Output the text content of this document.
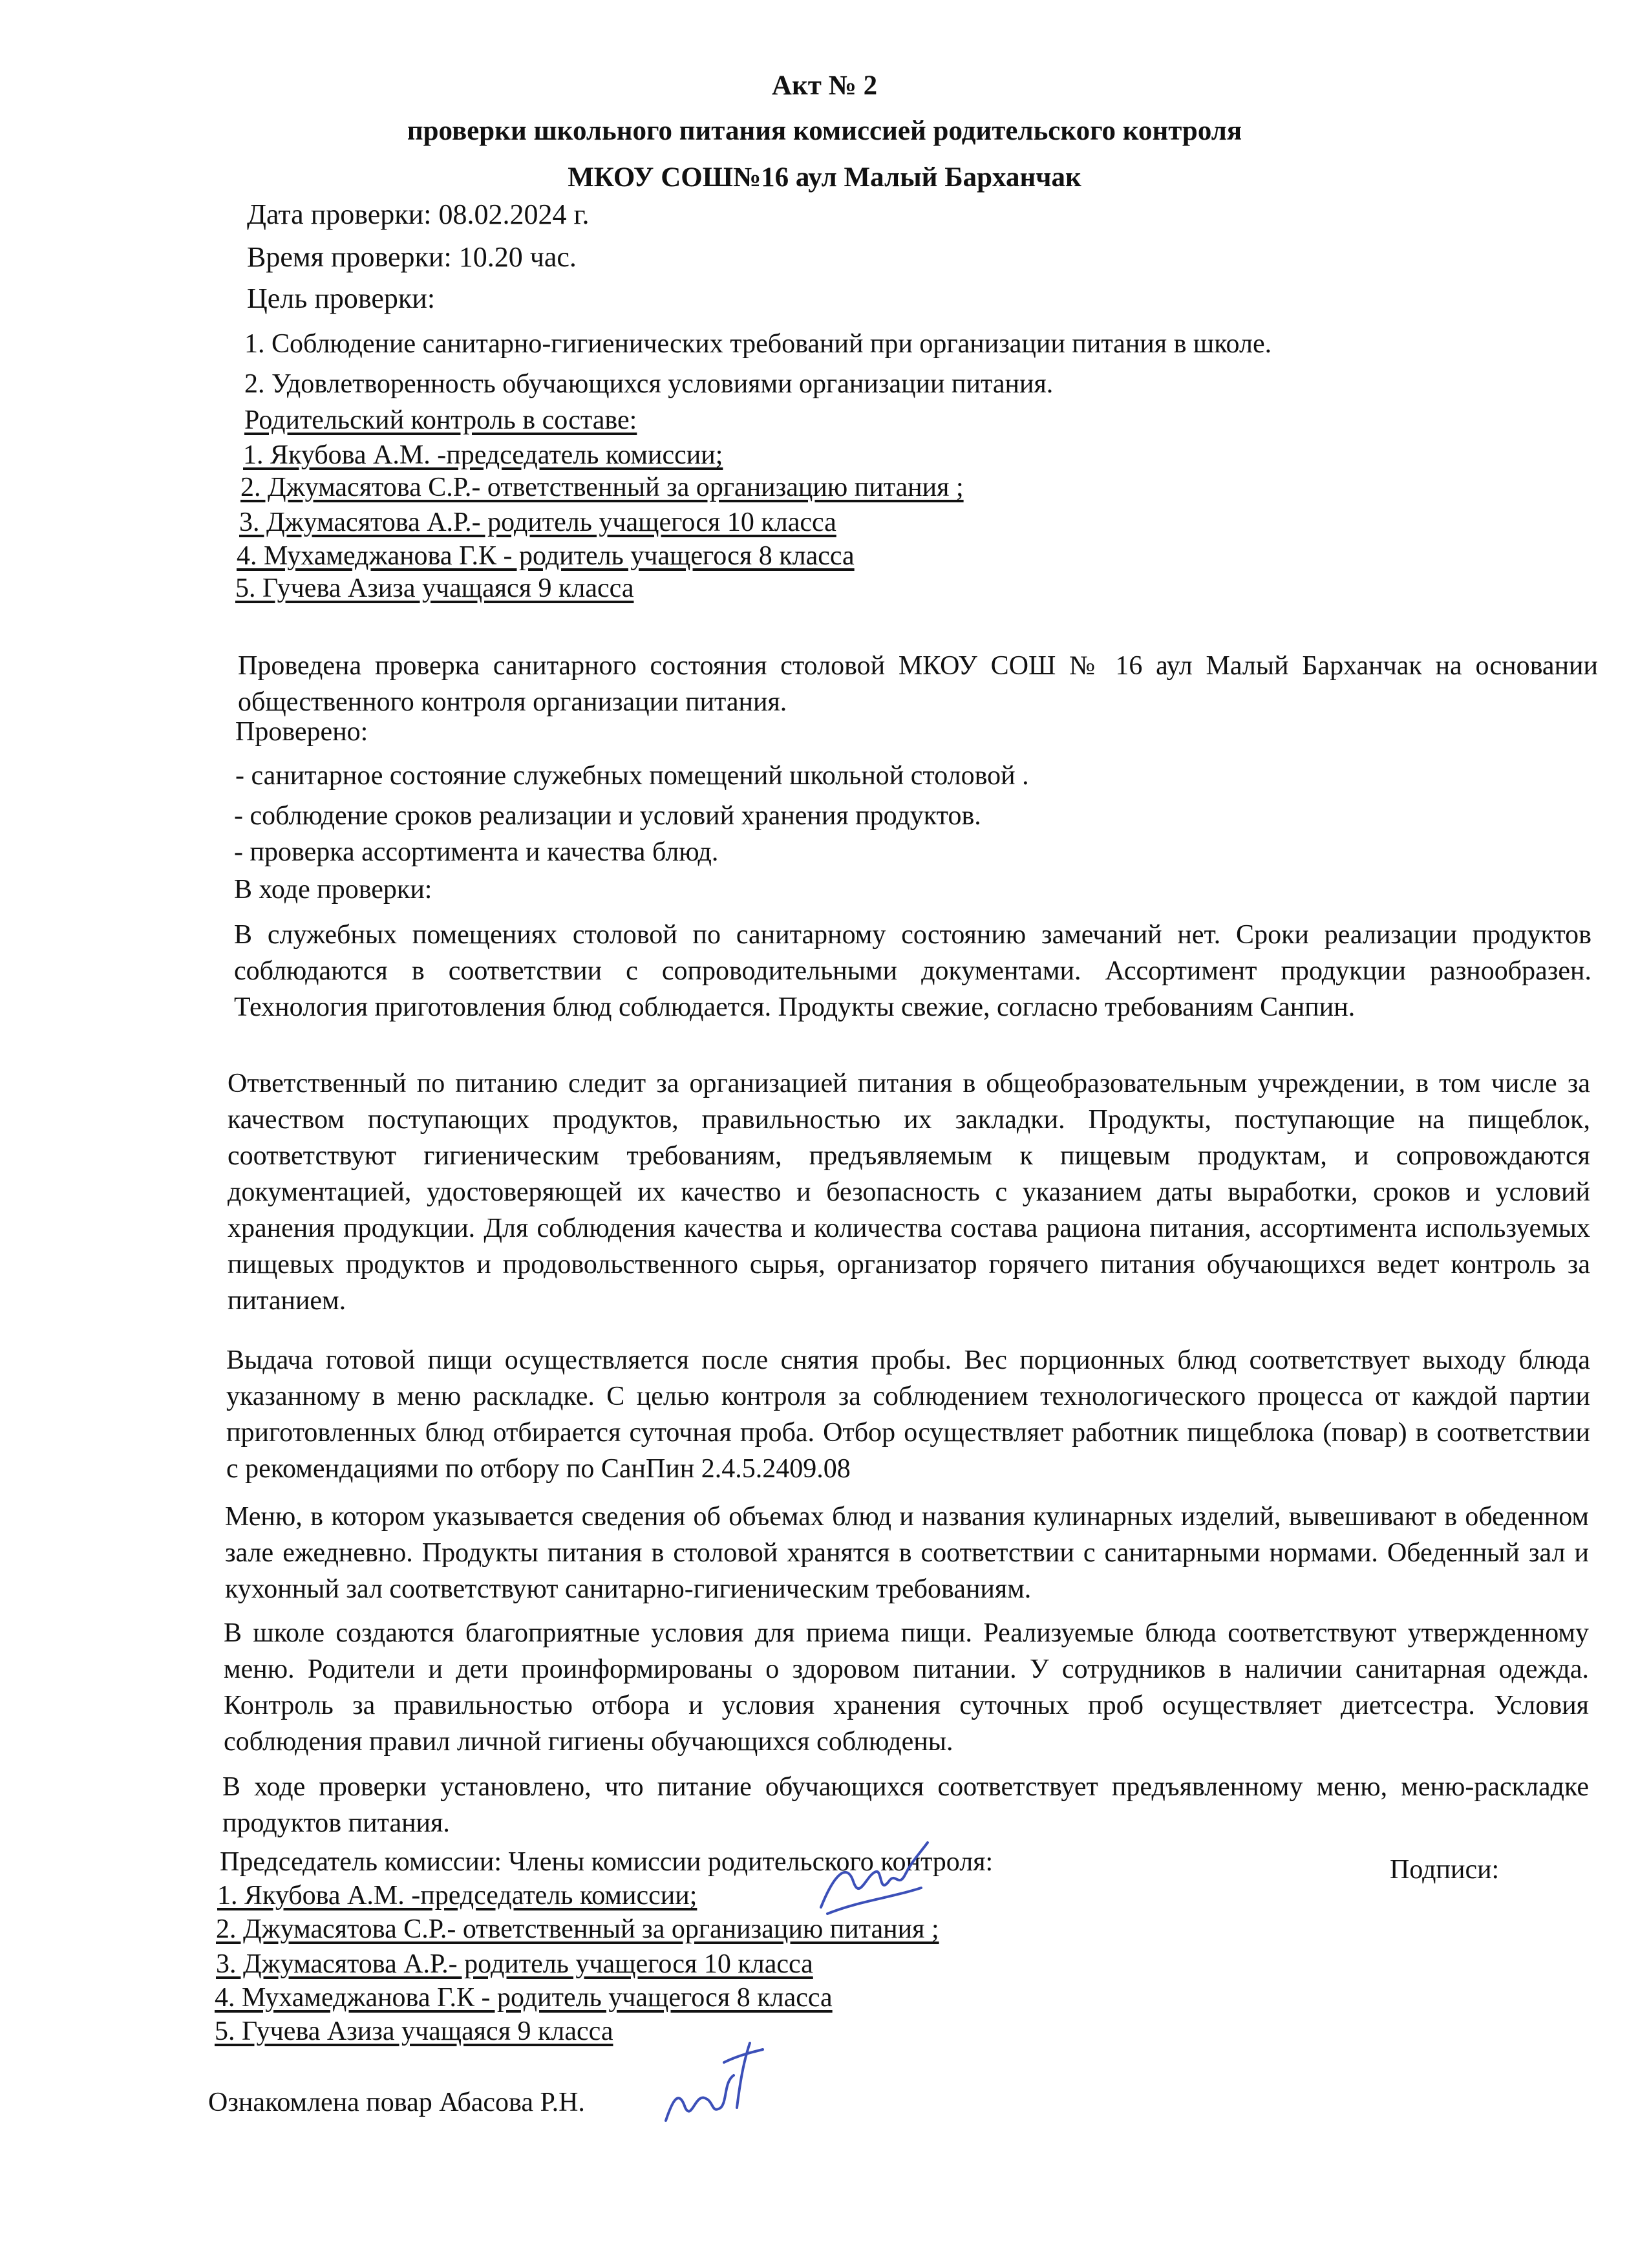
Акт № 2
проверки школьного питания комиссией родительского контроля
МКОУ СОШ№16 аул Малый Барханчак
Дата проверки: 08.02.2024 г.
Время проверки: 10.20 час.
Цель проверки:
1. Соблюдение санитарно-гигиенических требований при организации питания в школе.
2. Удовлетворенность обучающихся условиями организации питания.
Родительский контроль в составе:
1. Якубова А.М. -председатель комиссии;
2. Джумасятова С.Р.- ответственный за организацию питания ;
3. Джумасятова А.Р.- родитель учащегося 10 класса
4. Мухамеджанова Г.К - родитель учащегося 8 класса
5. Гучева Азиза учащаяся 9 класса

Проведена проверка санитарного состояния столовой МКОУ СОШ № 16 аул Малый Барханчак на основании общественного контроля организации питания.

Проверено:
- санитарное состояние служебных помещений школьной столовой .
- соблюдение сроков реализации и условий хранения продуктов.
- проверка ассортимента и качества блюд.
В ходе проверки:

В служебных помещениях столовой по санитарному состоянию замечаний нет. Сроки реализации продуктов соблюдаются в соответствии с сопроводительными документами. Ассортимент продукции разнообразен. Технология приготовления блюд соблюдается. Продукты свежие, согласно требованиям Санпин.

Ответственный по питанию следит за организацией питания в общеобразовательным учреждении, в том числе за качеством поступающих продуктов, правильностью их закладки. Продукты, поступающие на пищеблок, соответствуют гигиеническим требованиям, предъявляемым к пищевым продуктам, и сопровождаются документацией, удостоверяющей их качество и безопасность с указанием даты выработки, сроков и условий хранения продукции. Для соблюдения качества и количества состава рациона питания, ассортимента используемых пищевых продуктов и продовольственного сырья, организатор горячего питания обучающихся ведет контроль за питанием.

Выдача готовой пищи осуществляется после снятия пробы. Вес порционных блюд соответствует выходу блюда указанному в меню раскладке. С целью контроля за соблюдением технологического процесса от каждой партии приготовленных блюд отбирается суточная проба. Отбор осуществляет работник пищеблока (повар) в соответствии с рекомендациями по отбору по СанПин 2.4.5.2409.08

Меню, в котором указывается сведения об объемах блюд и названия кулинарных изделий, вывешивают в обеденном зале ежедневно. Продукты питания в столовой хранятся в соответствии с санитарными нормами. Обеденный зал и кухонный зал соответствуют санитарно-гигиеническим требованиям.

В школе создаются благоприятные условия для приема пищи. Реализуемые блюда соответствуют утвержденному меню. Родители и дети проинформированы о здоровом питании. У сотрудников в наличии санитарная одежда. Контроль за правильностью отбора и условия хранения суточных проб осуществляет диетсестра. Условия соблюдения правил личной гигиены обучающихся соблюдены.

В ходе проверки установлено, что питание обучающихся соответствует предъявленному меню, меню-раскладке продуктов питания.

Председатель комиссии: Члены комиссии родительского контроля:	Подписи:
1. Якубова А.М. -председатель комиссии;
2. Джумасятова С.Р.- ответственный за организацию питания ;
3. Джумасятова А.Р.- родитель учащегося 10 класса
4. Мухамеджанова Г.К - родитель учащегося 8 класса
5. Гучева Азиза учащаяся 9 класса
Ознакомлена повар Абасова Р.Н.
